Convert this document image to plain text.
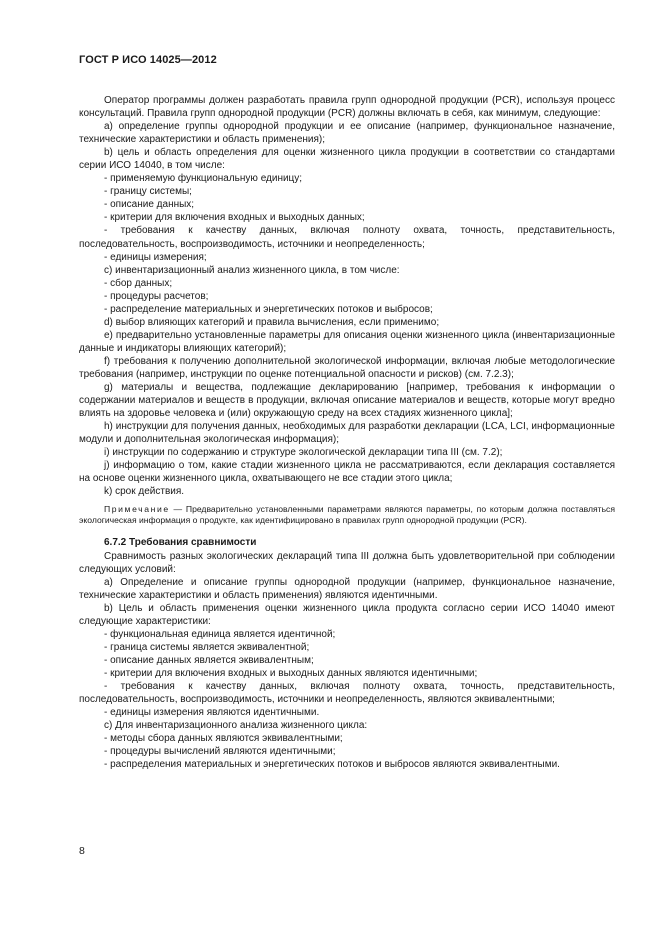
ГОСТ Р ИСО 14025—2012

Оператор программы должен разработать правила групп однородной продукции (PCR), используя процесс консультаций. Правила групп однородной продукции (PCR) должны включать в себя, как минимум, следующие:

a) определение группы однородной продукции и ее описание (например, функциональное назначение, технические характеристики и область применения);

b) цель и область определения для оценки жизненного цикла продукции в соответствии со стандартами серии ИСО 14040, в том числе:

- применяемую функциональную единицу;

- границу системы;

- описание данных;

- критерии для включения входных и выходных данных;

- требования к качеству данных, включая полноту охвата, точность, представительность, последовательность, воспроизводимость, источники и неопределенность;

- единицы измерения;

c) инвентаризационный анализ жизненного цикла, в том числе:

- сбор данных;

- процедуры расчетов;

- распределение материальных и энергетических потоков и выбросов;

d) выбор влияющих категорий и правила вычисления, если применимо;

e) предварительно установленные параметры для описания оценки жизненного цикла (инвентаризационные данные и индикаторы влияющих категорий);

f) требования к получению дополнительной экологической информации, включая любые методологические требования (например, инструкции по оценке потенциальной опасности и рисков) (см. 7.2.3);

g) материалы и вещества, подлежащие декларированию [например, требования к информации о содержании материалов и веществ в продукции, включая описание материалов и веществ, которые могут вредно влиять на здоровье человека и (или) окружающую среду на всех стадиях жизненного цикла];

h) инструкции для получения данных, необходимых для разработки декларации (LCA, LCI, информационные модули и дополнительная экологическая информация);

i) инструкции по содержанию и структуре экологической декларации типа III (см. 7.2);

j) информацию о том, какие стадии жизненного цикла не рассматриваются, если декларация составляется на основе оценки жизненного цикла, охватывающего не все стадии этого цикла;

k) срок действия.

Примечание — Предварительно установленными параметрами являются параметры, по которым должна поставляться экологическая информация о продукте, как идентифицировано в правилах групп однородной продукции (PCR).

6.7.2 Требования сравнимости

Сравнимость разных экологических деклараций типа III должна быть удовлетворительной при соблюдении следующих условий:

a) Определение и описание группы однородной продукции (например, функциональное назначение, технические характеристики и область применения) являются идентичными.

b) Цель и область применения оценки жизненного цикла продукта согласно серии ИСО 14040 имеют следующие характеристики:

- функциональная единица является идентичной;

- граница системы является эквивалентной;

- описание данных является эквивалентным;

- критерии для включения входных и выходных данных являются идентичными;

- требования к качеству данных, включая полноту охвата, точность, представительность, последовательность, воспроизводимость, источники и неопределенность, являются эквивалентными;

- единицы измерения являются идентичными.

c) Для инвентаризационного анализа жизненного цикла:

- методы сбора данных являются эквивалентными;

- процедуры вычислений являются идентичными;

- распределения материальных и энергетических потоков и выбросов являются эквивалентными.

8
